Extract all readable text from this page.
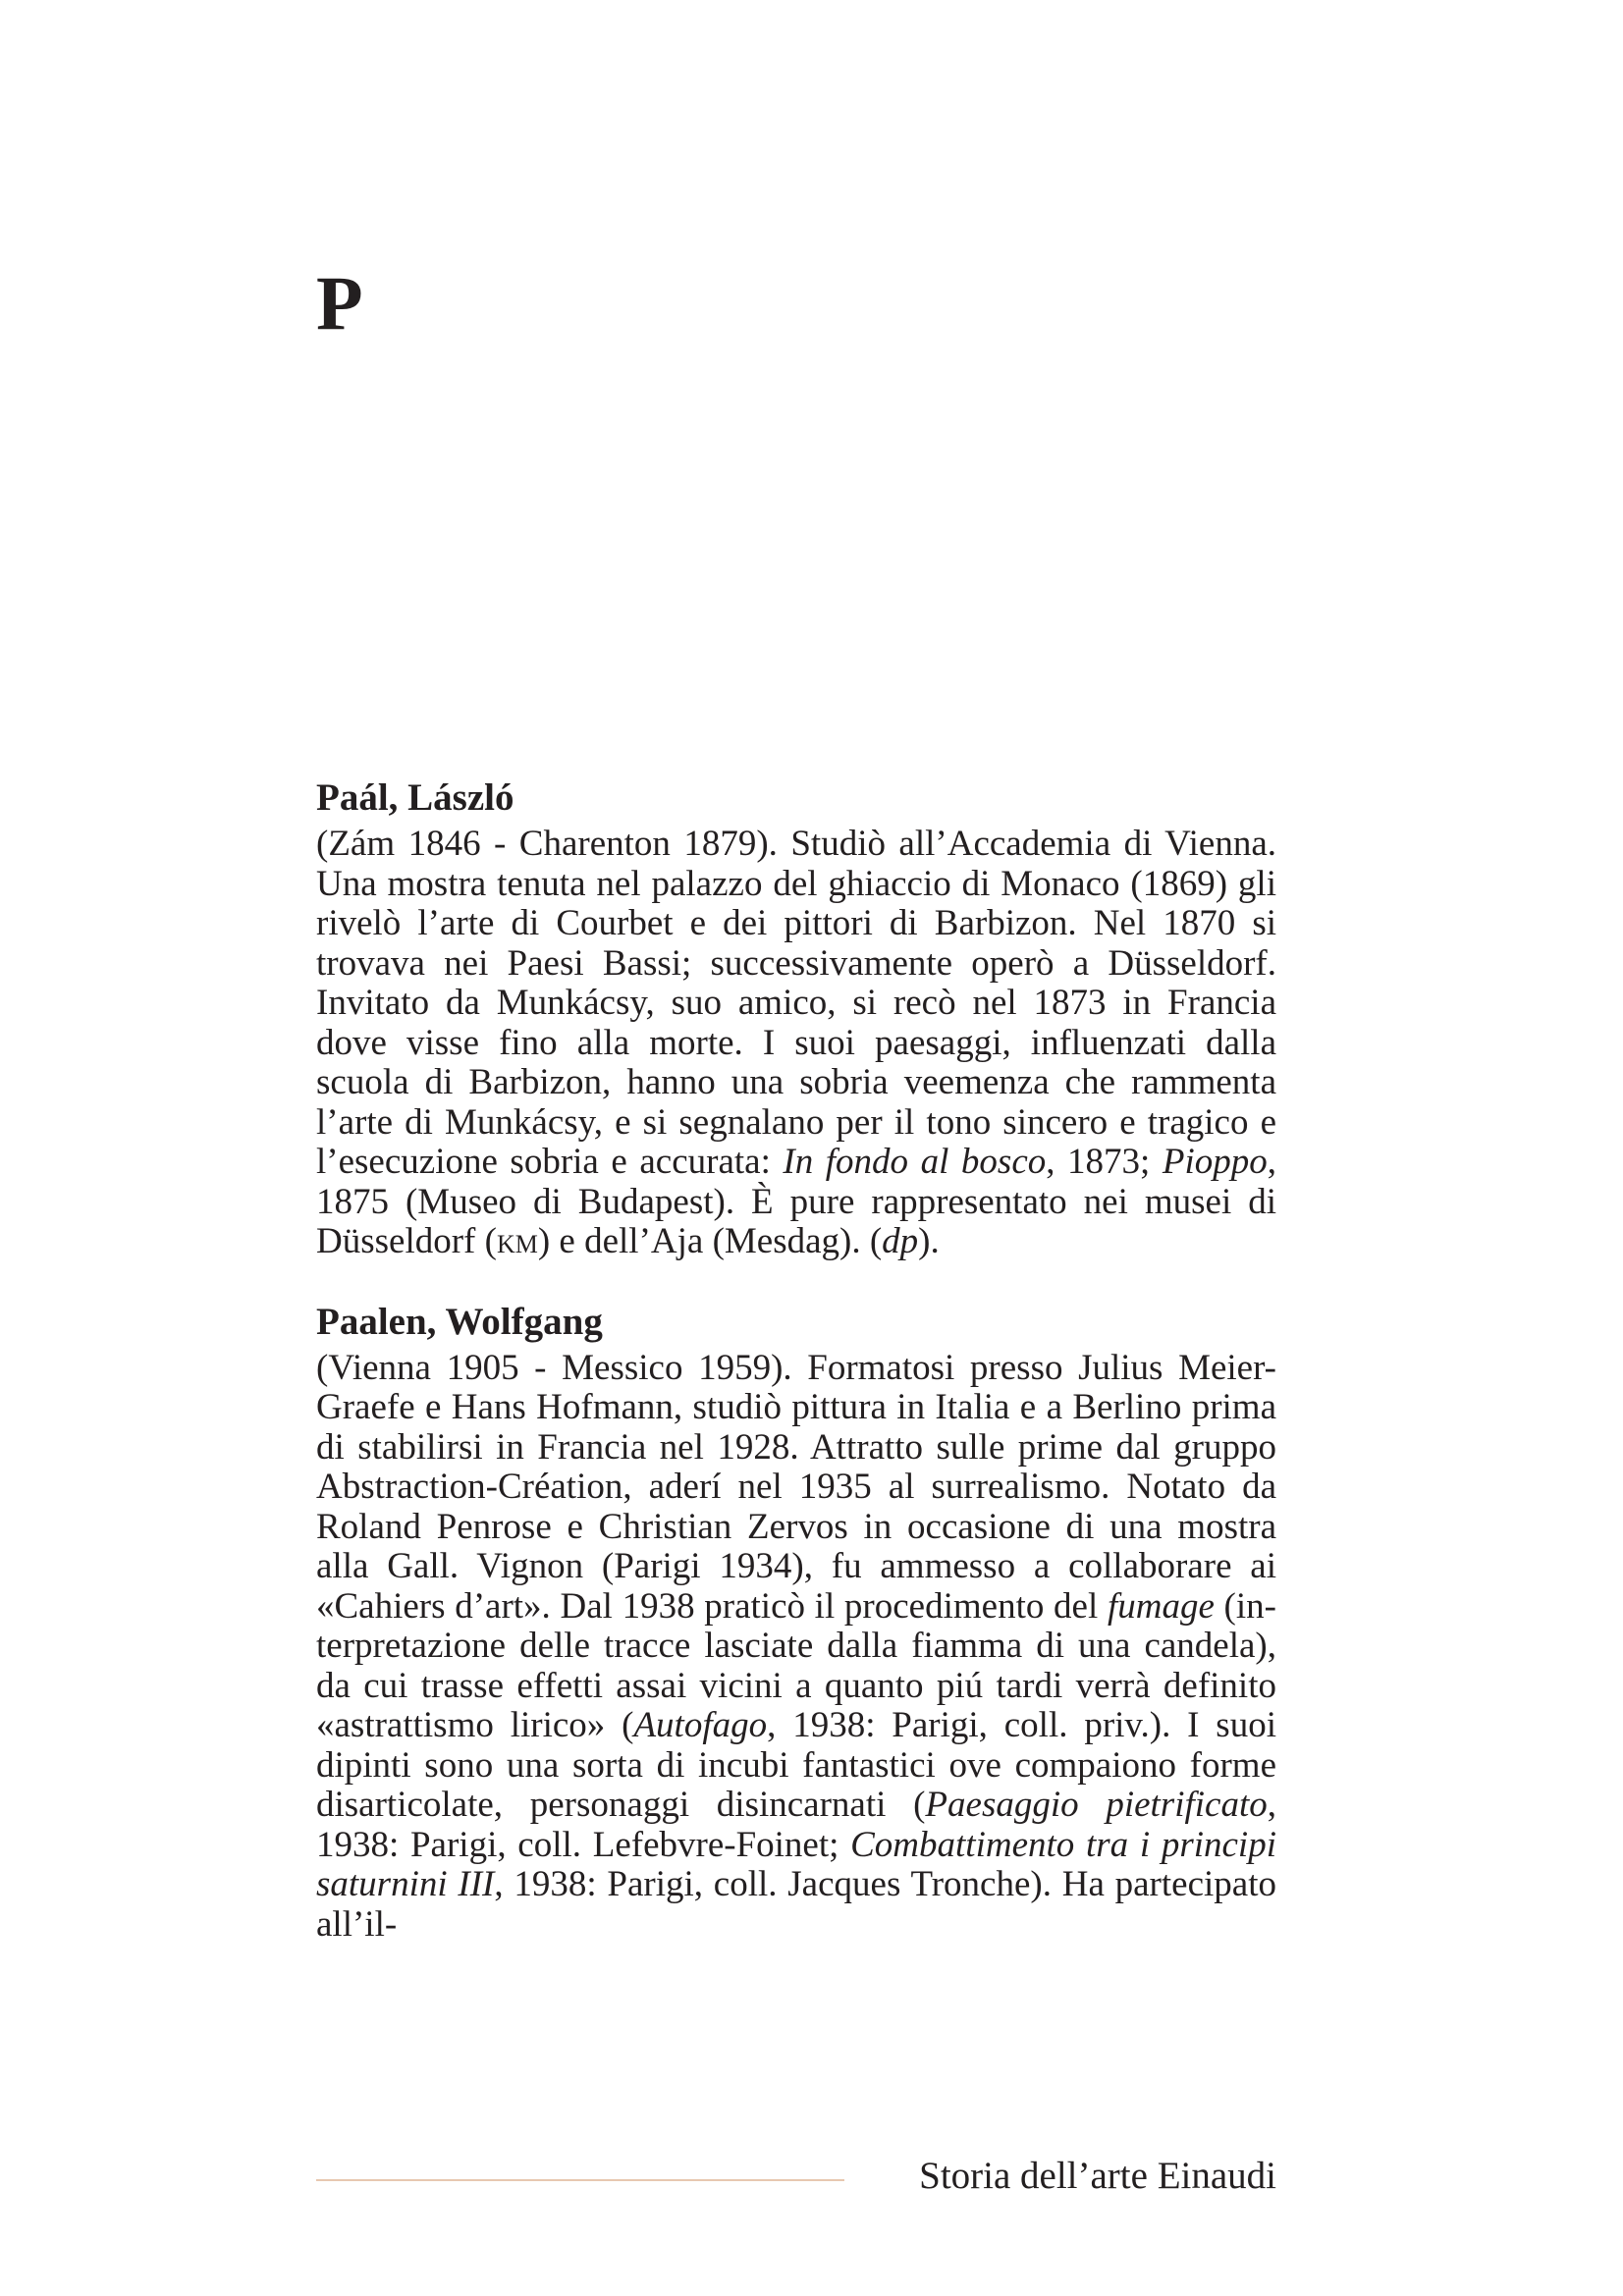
P
Paál, László
(Zám 1846 - Charenton 1879). Studiò all’Accademia di Vienna. Una mostra tenuta nel palazzo del ghiaccio di Monaco (1869) gli rivelò l’arte di Courbet e dei pittori di Barbizon. Nel 1870 si trovava nei Paesi Bassi; successivamente operò a Düsseldorf. Invitato da Munkácsy, suo amico, si recò nel 1873 in Francia dove visse fino alla morte. I suoi paesaggi, influenzati dalla scuola di Barbizon, hanno una sobria veemenza che rammenta l’arte di Munkácsy, e si segnalano per il tono sincero e tragico e l’esecuzione sobria e accurata: In fondo al bosco, 1873; Pioppo, 1875 (Museo di Budapest). È pure rappresentato nei musei di Düsseldorf (km) e dell’Aja (Mesdag). (dp).
Paalen, Wolfgang
(Vienna 1905 - Messico 1959). Formatosi presso Julius Meier-Graefe e Hans Hofmann, studiò pittura in Italia e a Berlino prima di stabilirsi in Francia nel 1928. Attratto sulle prime dal gruppo Abstraction-Création, aderí nel 1935 al surrealismo. Notato da Roland Penrose e Christian Zervos in occasione di una mostra alla Gall. Vignon (Parigi 1934), fu ammesso a collaborare ai «Cahiers d’art». Dal 1938 praticò il procedimento del fumage (interpretazione delle tracce lasciate dalla fiamma di una candela), da cui trasse effetti assai vicini a quanto piú tardi verrà definito «astrattismo lirico» (Autofago, 1938: Parigi, coll. priv.). I suoi dipinti sono una sorta di incubi fantastici ove compaiono forme disarticolate, personaggi disincarnati (Paesaggio pietrificato, 1938: Parigi, coll. Lefebvre-Foinet; Combattimento tra i principi saturnini III, 1938: Parigi, coll. Jacques Tronche). Ha partecipato all’il-
Storia dell’arte Einaudi
